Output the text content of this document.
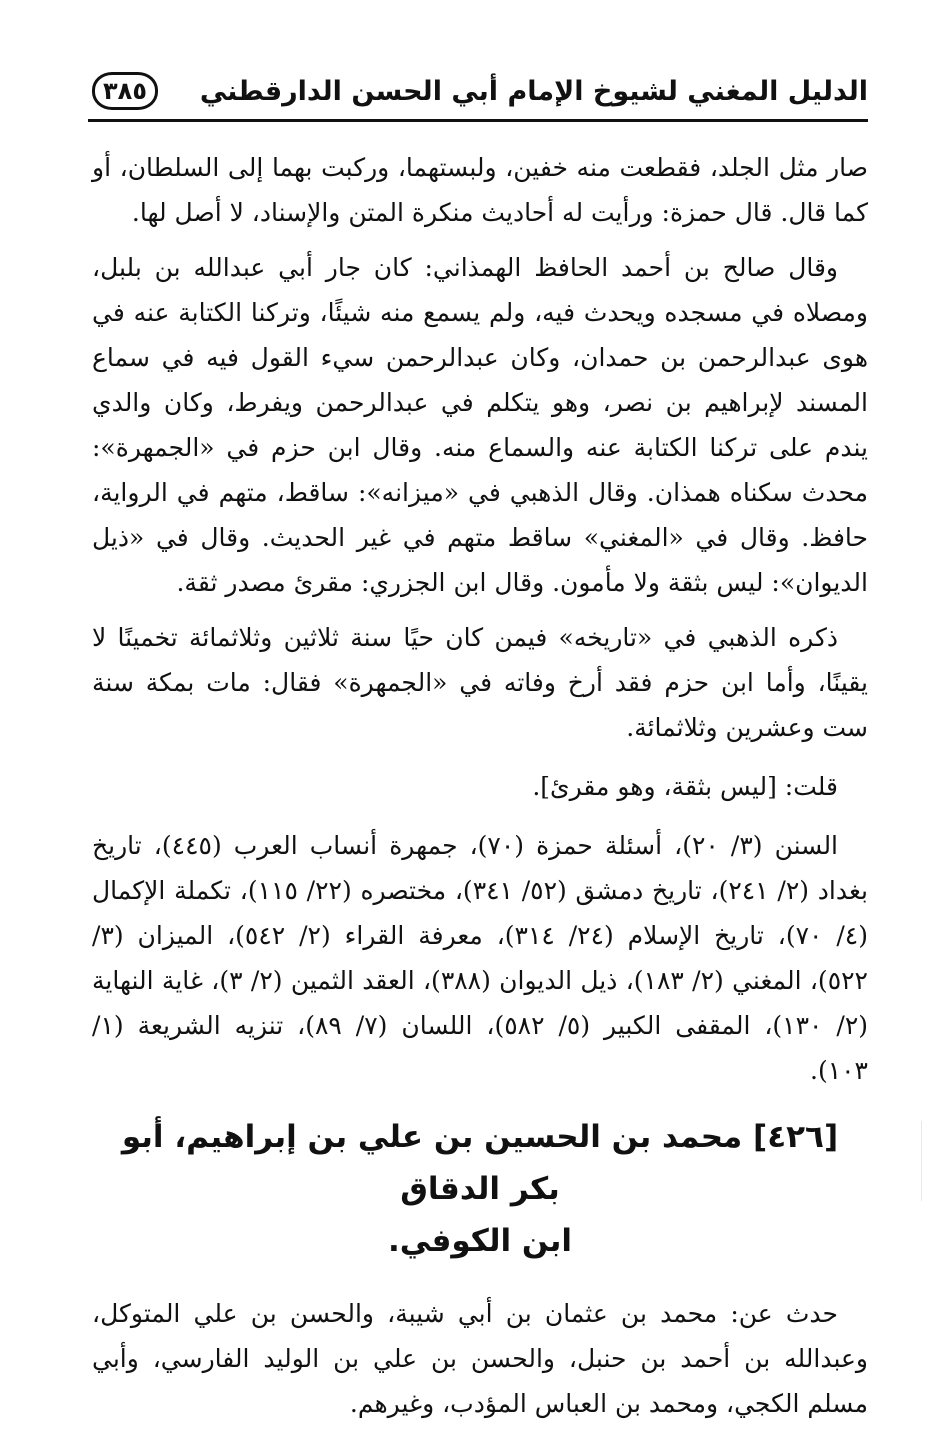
الدليل المغني لشيوخ الإمام أبي الحسن الدارقطني
٣٨٥

صار مثل الجلد، فقطعت منه خفين، ولبستهما، وركبت بهما إلى السلطان، أو كما قال. قال حمزة: ورأيت له أحاديث منكرة المتن والإسناد، لا أصل لها.

وقال صالح بن أحمد الحافظ الهمذاني: كان جار أبي عبدالله بن بلبل، ومصلاه في مسجده ويحدث فيه، ولم يسمع منه شيئًا، وتركنا الكتابة عنه في هوى عبدالرحمن بن حمدان، وكان عبدالرحمن سيء القول فيه في سماع المسند لإبراهيم بن نصر، وهو يتكلم في عبدالرحمن ويفرط، وكان والدي يندم على تركنا الكتابة عنه والسماع منه. وقال ابن حزم في «الجمهرة»: محدث سكناه همذان. وقال الذهبي في «ميزانه»: ساقط، متهم في الرواية، حافظ. وقال في «المغني» ساقط متهم في غير الحديث. وقال في «ذيل الديوان»: ليس بثقة ولا مأمون. وقال ابن الجزري: مقرئ مصدر ثقة.

ذكره الذهبي في «تاريخه» فيمن كان حيًا سنة ثلاثين وثلاثمائة تخمينًا لا يقينًا، وأما ابن حزم فقد أرخ وفاته في «الجمهرة» فقال: مات بمكة سنة ست وعشرين وثلاثمائة.

قلت: [ليس بثقة، وهو مقرئ].

السنن (٣/ ٢٠)، أسئلة حمزة (٧٠)، جمهرة أنساب العرب (٤٤٥)، تاريخ بغداد (٢/ ٢٤١)، تاريخ دمشق (٥٢/ ٣٤١)، مختصره (٢٢/ ١١٥)، تكملة الإكمال (٤/ ٧٠)، تاريخ الإسلام (٢٤/ ٣١٤)، معرفة القراء (٢/ ٥٤٢)، الميزان (٣/ ٥٢٢)، المغني (٢/ ١٨٣)، ذيل الديوان (٣٨٨)، العقد الثمين (٢/ ٣)، غاية النهاية (٢/ ١٣٠)، المقفى الكبير (٥/ ٥٨٢)، اللسان (٧/ ٨٩)، تنزيه الشريعة (١/ ١٠٣).

[٤٢٦] محمد بن الحسين بن علي بن إبراهيم، أبو بكر الدقاق
ابن الكوفي.

حدث عن: محمد بن عثمان بن أبي شيبة، والحسن بن علي المتوكل، وعبدالله بن أحمد بن حنبل، والحسن بن علي بن الوليد الفارسي، وأبي مسلم الكجي، ومحمد بن العباس المؤدب، وغيرهم.
